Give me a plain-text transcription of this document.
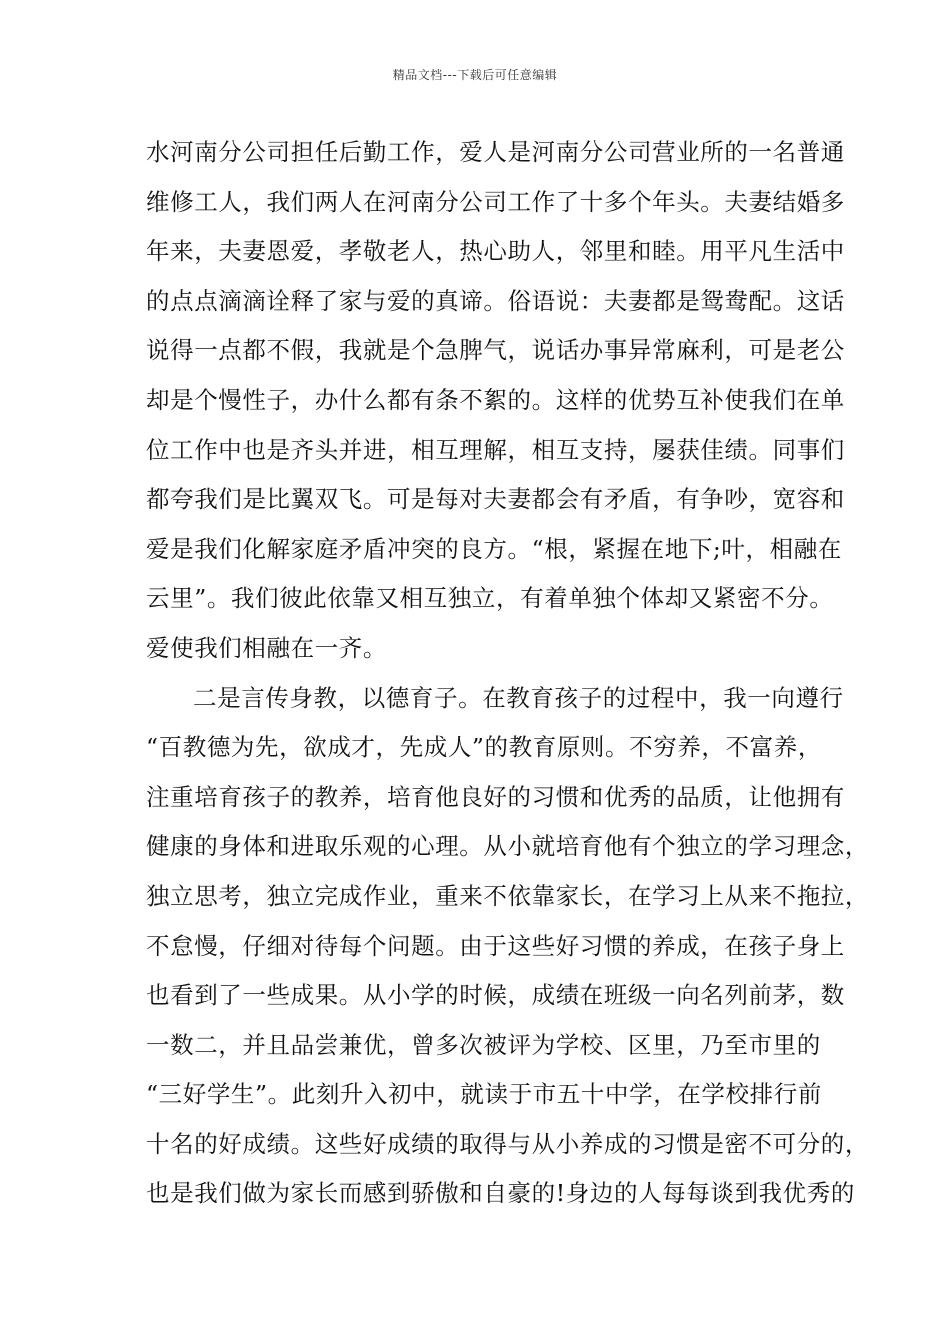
精品文档---下载后可任意编辑
水河南分公司担任后勤工作，爱人是河南分公司营业所的一名普通
维修工人，我们两人在河南分公司工作了十多个年头。夫妻结婚多
年来，夫妻恩爱，孝敬老人，热心助人，邻里和睦。用平凡生活中
的点点滴滴诠释了家与爱的真谛。俗语说：夫妻都是鸳鸯配。这话
说得一点都不假，我就是个急脾气，说话办事异常麻利，可是老公
却是个慢性子，办什么都有条不絮的。这样的优势互补使我们在单
位工作中也是齐头并进，相互理解，相互支持，屡获佳绩。同事们
都夸我们是比翼双飞。可是每对夫妻都会有矛盾，有争吵，宽容和
爱是我们化解家庭矛盾冲突的良方。“根，紧握在地下;叶，相融在
云里”。我们彼此依靠又相互独立，有着单独个体却又紧密不分。
爱使我们相融在一齐。
二是言传身教，以德育子。在教育孩子的过程中，我一向遵行
“百教德为先，欲成才，先成人”的教育原则。不穷养，不富养，
注重培育孩子的教养，培育他良好的习惯和优秀的品质，让他拥有
健康的身体和进取乐观的心理。从小就培育他有个独立的学习理念，
独立思考，独立完成作业，重来不依靠家长，在学习上从来不拖拉，
不怠慢，仔细对待每个问题。由于这些好习惯的养成，在孩子身上
也看到了一些成果。从小学的时候，成绩在班级一向名列前茅，数
一数二，并且品尝兼优，曾多次被评为学校、区里，乃至市里的
“三好学生”。此刻升入初中，就读于市五十中学，在学校排行前
十名的好成绩。这些好成绩的取得与从小养成的习惯是密不可分的，
也是我们做为家长而感到骄傲和自豪的!身边的人每每谈到我优秀的
